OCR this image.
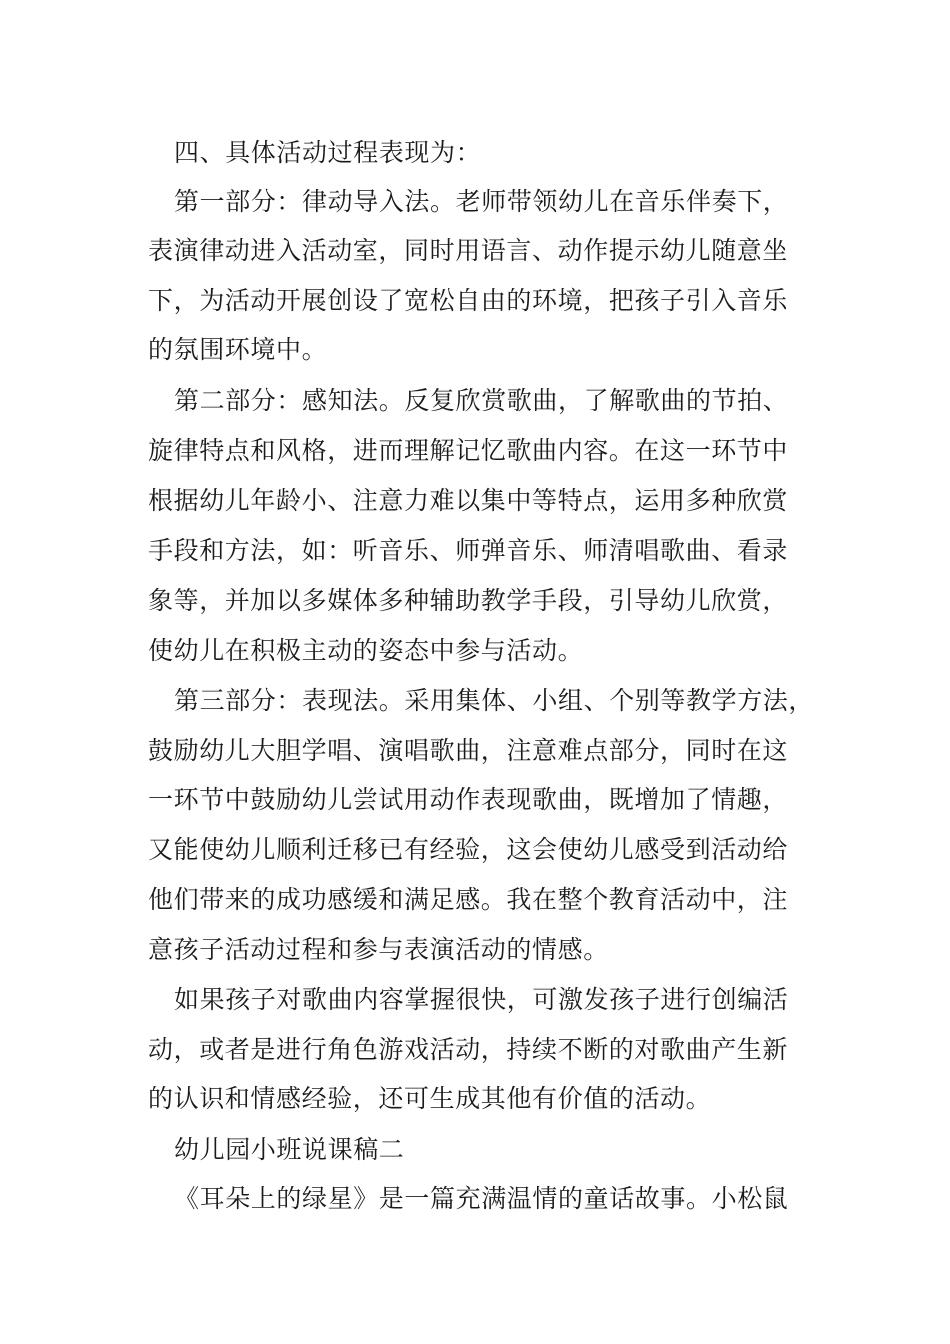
四、具体活动过程表现为：
第一部分：律动导入法。老师带领幼儿在音乐伴奏下，
表演律动进入活动室，同时用语言、动作提示幼儿随意坐
下，为活动开展创设了宽松自由的环境，把孩子引入音乐
的氛围环境中。
第二部分：感知法。反复欣赏歌曲，了解歌曲的节拍、
旋律特点和风格，进而理解记忆歌曲内容。在这一环节中
根据幼儿年龄小、注意力难以集中等特点，运用多种欣赏
手段和方法，如：听音乐、师弹音乐、师清唱歌曲、看录
象等，并加以多媒体多种辅助教学手段，引导幼儿欣赏，
使幼儿在积极主动的姿态中参与活动。
第三部分：表现法。采用集体、小组、个别等教学方法，
鼓励幼儿大胆学唱、演唱歌曲，注意难点部分，同时在这
一环节中鼓励幼儿尝试用动作表现歌曲，既增加了情趣，
又能使幼儿顺利迁移已有经验，这会使幼儿感受到活动给
他们带来的成功感缓和满足感。我在整个教育活动中，注
意孩子活动过程和参与表演活动的情感。
如果孩子对歌曲内容掌握很快，可激发孩子进行创编活
动，或者是进行角色游戏活动，持续不断的对歌曲产生新
的认识和情感经验，还可生成其他有价值的活动。
幼儿园小班说课稿二
《耳朵上的绿星》是一篇充满温情的童话故事。小松鼠
